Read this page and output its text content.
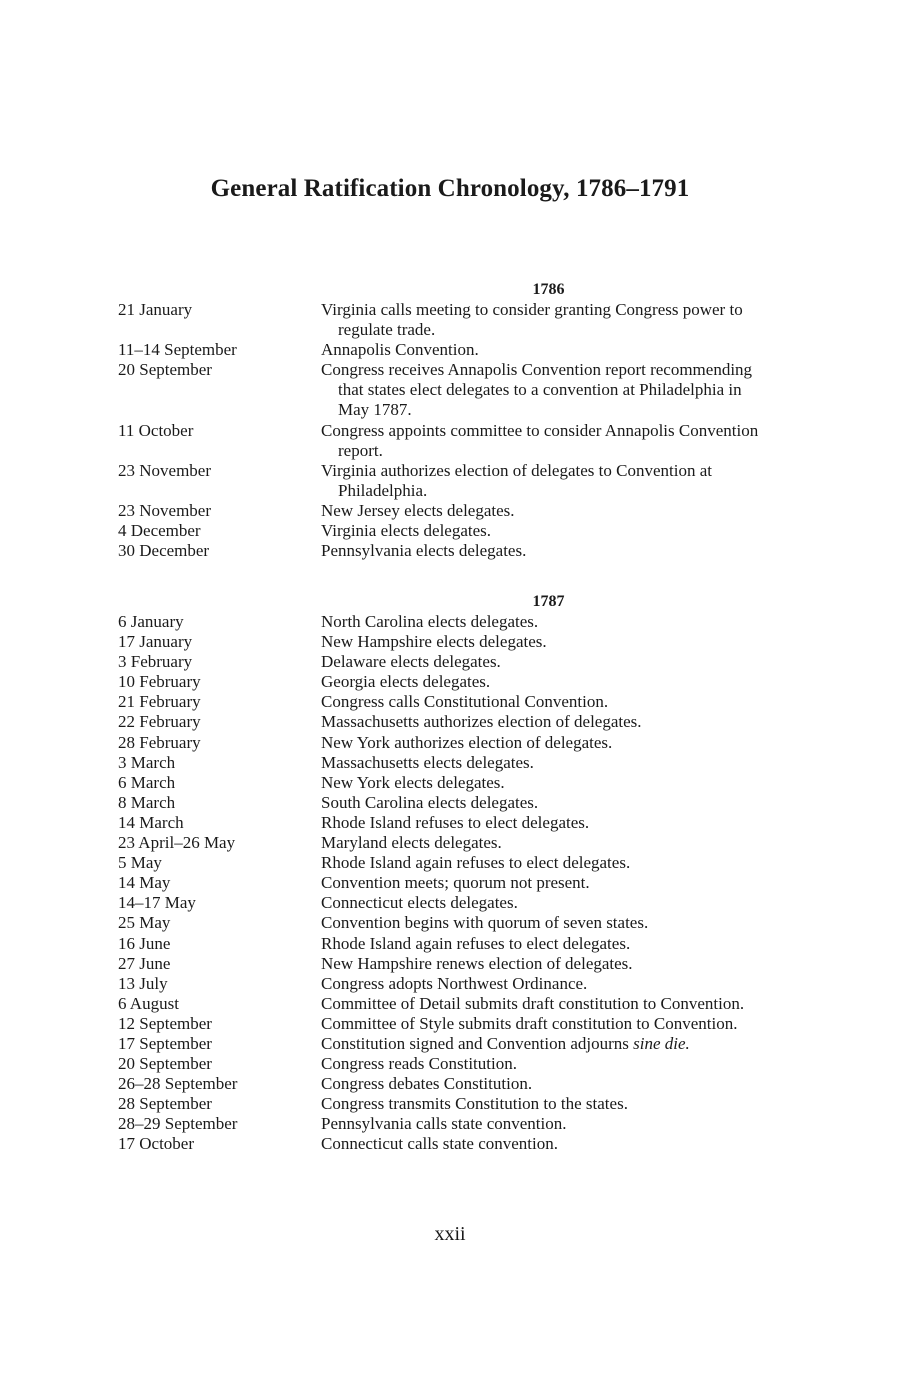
General Ratification Chronology, 1786–1791
1786
21 January	Virginia calls meeting to consider granting Congress power to regulate trade.
11–14 September	Annapolis Convention.
20 September	Congress receives Annapolis Convention report recommending that states elect delegates to a convention at Philadelphia in May 1787.
11 October	Congress appoints committee to consider Annapolis Convention report.
23 November	Virginia authorizes election of delegates to Convention at Philadelphia.
23 November	New Jersey elects delegates.
4 December	Virginia elects delegates.
30 December	Pennsylvania elects delegates.
1787
6 January	North Carolina elects delegates.
17 January	New Hampshire elects delegates.
3 February	Delaware elects delegates.
10 February	Georgia elects delegates.
21 February	Congress calls Constitutional Convention.
22 February	Massachusetts authorizes election of delegates.
28 February	New York authorizes election of delegates.
3 March	Massachusetts elects delegates.
6 March	New York elects delegates.
8 March	South Carolina elects delegates.
14 March	Rhode Island refuses to elect delegates.
23 April–26 May	Maryland elects delegates.
5 May	Rhode Island again refuses to elect delegates.
14 May	Convention meets; quorum not present.
14–17 May	Connecticut elects delegates.
25 May	Convention begins with quorum of seven states.
16 June	Rhode Island again refuses to elect delegates.
27 June	New Hampshire renews election of delegates.
13 July	Congress adopts Northwest Ordinance.
6 August	Committee of Detail submits draft constitution to Convention.
12 September	Committee of Style submits draft constitution to Convention.
17 September	Constitution signed and Convention adjourns sine die.
20 September	Congress reads Constitution.
26–28 September	Congress debates Constitution.
28 September	Congress transmits Constitution to the states.
28–29 September	Pennsylvania calls state convention.
17 October	Connecticut calls state convention.
xxii
